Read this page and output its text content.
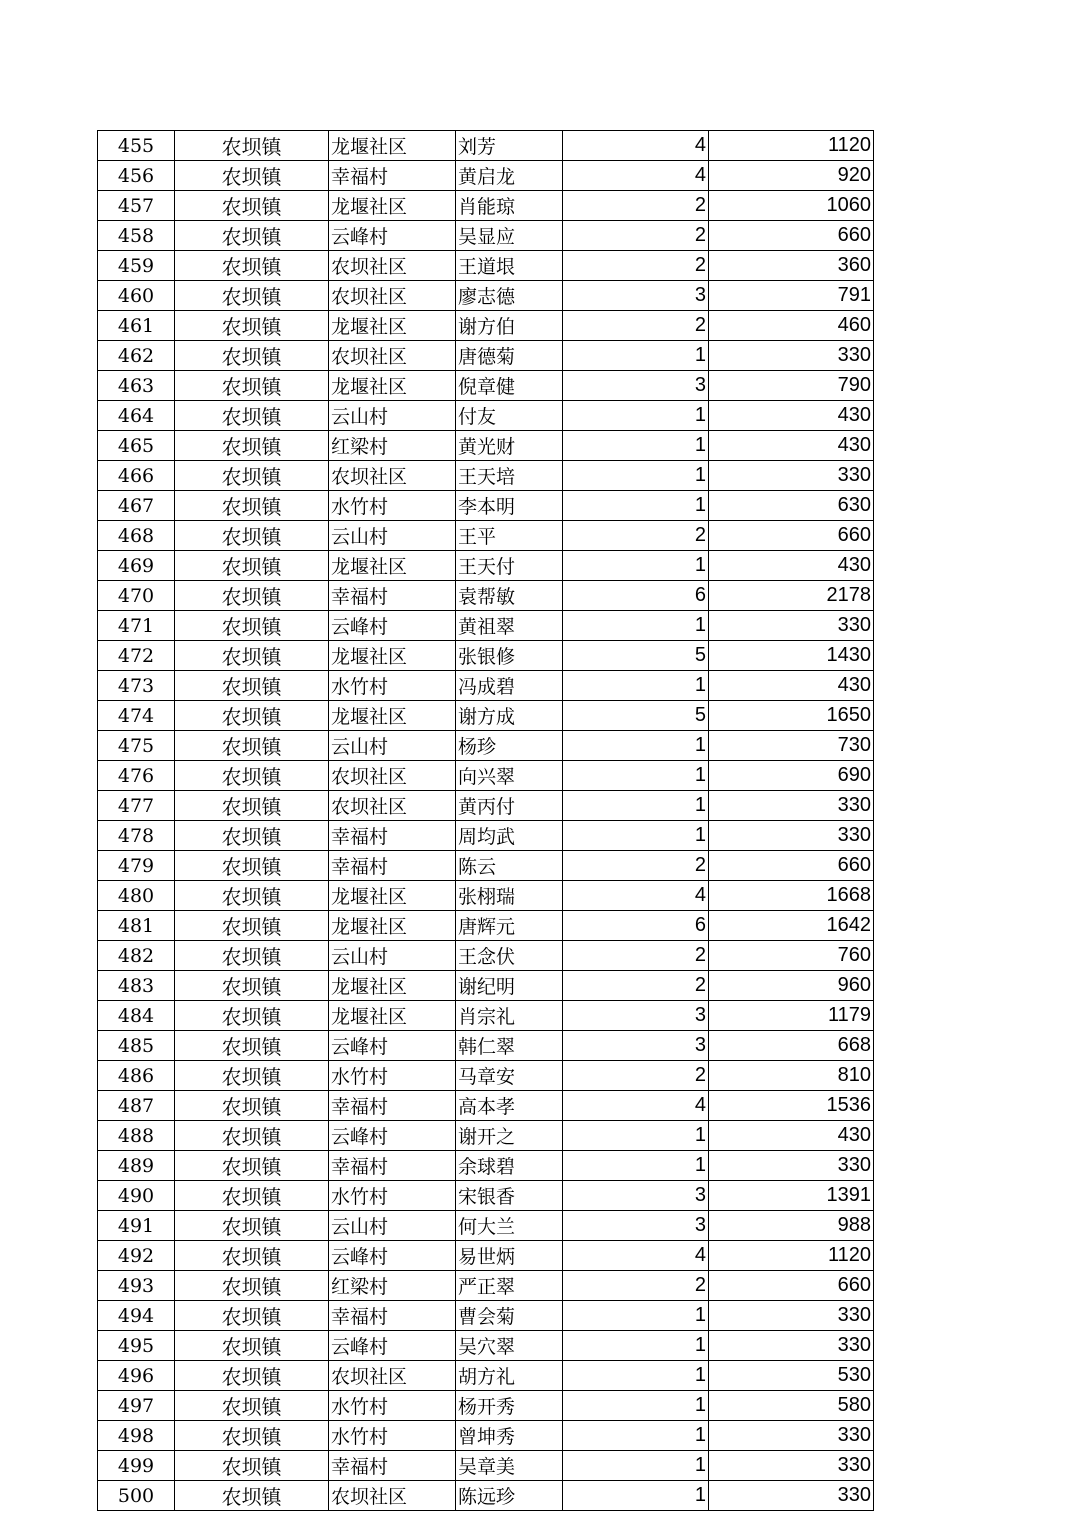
455	农坝镇	龙堰社区	刘芳	4	1120
456	农坝镇	幸福村	黄启龙	4	920
457	农坝镇	龙堰社区	肖能琼	2	1060
458	农坝镇	云峰村	吴显应	2	660
459	农坝镇	农坝社区	王道垠	2	360
460	农坝镇	农坝社区	廖志德	3	791
461	农坝镇	龙堰社区	谢方伯	2	460
462	农坝镇	农坝社区	唐德菊	1	330
463	农坝镇	龙堰社区	倪章健	3	790
464	农坝镇	云山村	付友	1	430
465	农坝镇	红梁村	黄光财	1	430
466	农坝镇	农坝社区	王天培	1	330
467	农坝镇	水竹村	李本明	1	630
468	农坝镇	云山村	王平	2	660
469	农坝镇	龙堰社区	王天付	1	430
470	农坝镇	幸福村	袁帮敏	6	2178
471	农坝镇	云峰村	黄祖翠	1	330
472	农坝镇	龙堰社区	张银修	5	1430
473	农坝镇	水竹村	冯成碧	1	430
474	农坝镇	龙堰社区	谢方成	5	1650
475	农坝镇	云山村	杨珍	1	730
476	农坝镇	农坝社区	向兴翠	1	690
477	农坝镇	农坝社区	黄丙付	1	330
478	农坝镇	幸福村	周均武	1	330
479	农坝镇	幸福村	陈云	2	660
480	农坝镇	龙堰社区	张栩瑞	4	1668
481	农坝镇	龙堰社区	唐辉元	6	1642
482	农坝镇	云山村	王念伏	2	760
483	农坝镇	龙堰社区	谢纪明	2	960
484	农坝镇	龙堰社区	肖宗礼	3	1179
485	农坝镇	云峰村	韩仁翠	3	668
486	农坝镇	水竹村	马章安	2	810
487	农坝镇	幸福村	高本孝	4	1536
488	农坝镇	云峰村	谢开之	1	430
489	农坝镇	幸福村	余球碧	1	330
490	农坝镇	水竹村	宋银香	3	1391
491	农坝镇	云山村	何大兰	3	988
492	农坝镇	云峰村	易世炳	4	1120
493	农坝镇	红梁村	严正翠	2	660
494	农坝镇	幸福村	曹会菊	1	330
495	农坝镇	云峰村	吴穴翠	1	330
496	农坝镇	农坝社区	胡方礼	1	530
497	农坝镇	水竹村	杨开秀	1	580
498	农坝镇	水竹村	曾坤秀	1	330
499	农坝镇	幸福村	吴章美	1	330
500	农坝镇	农坝社区	陈远珍	1	330
